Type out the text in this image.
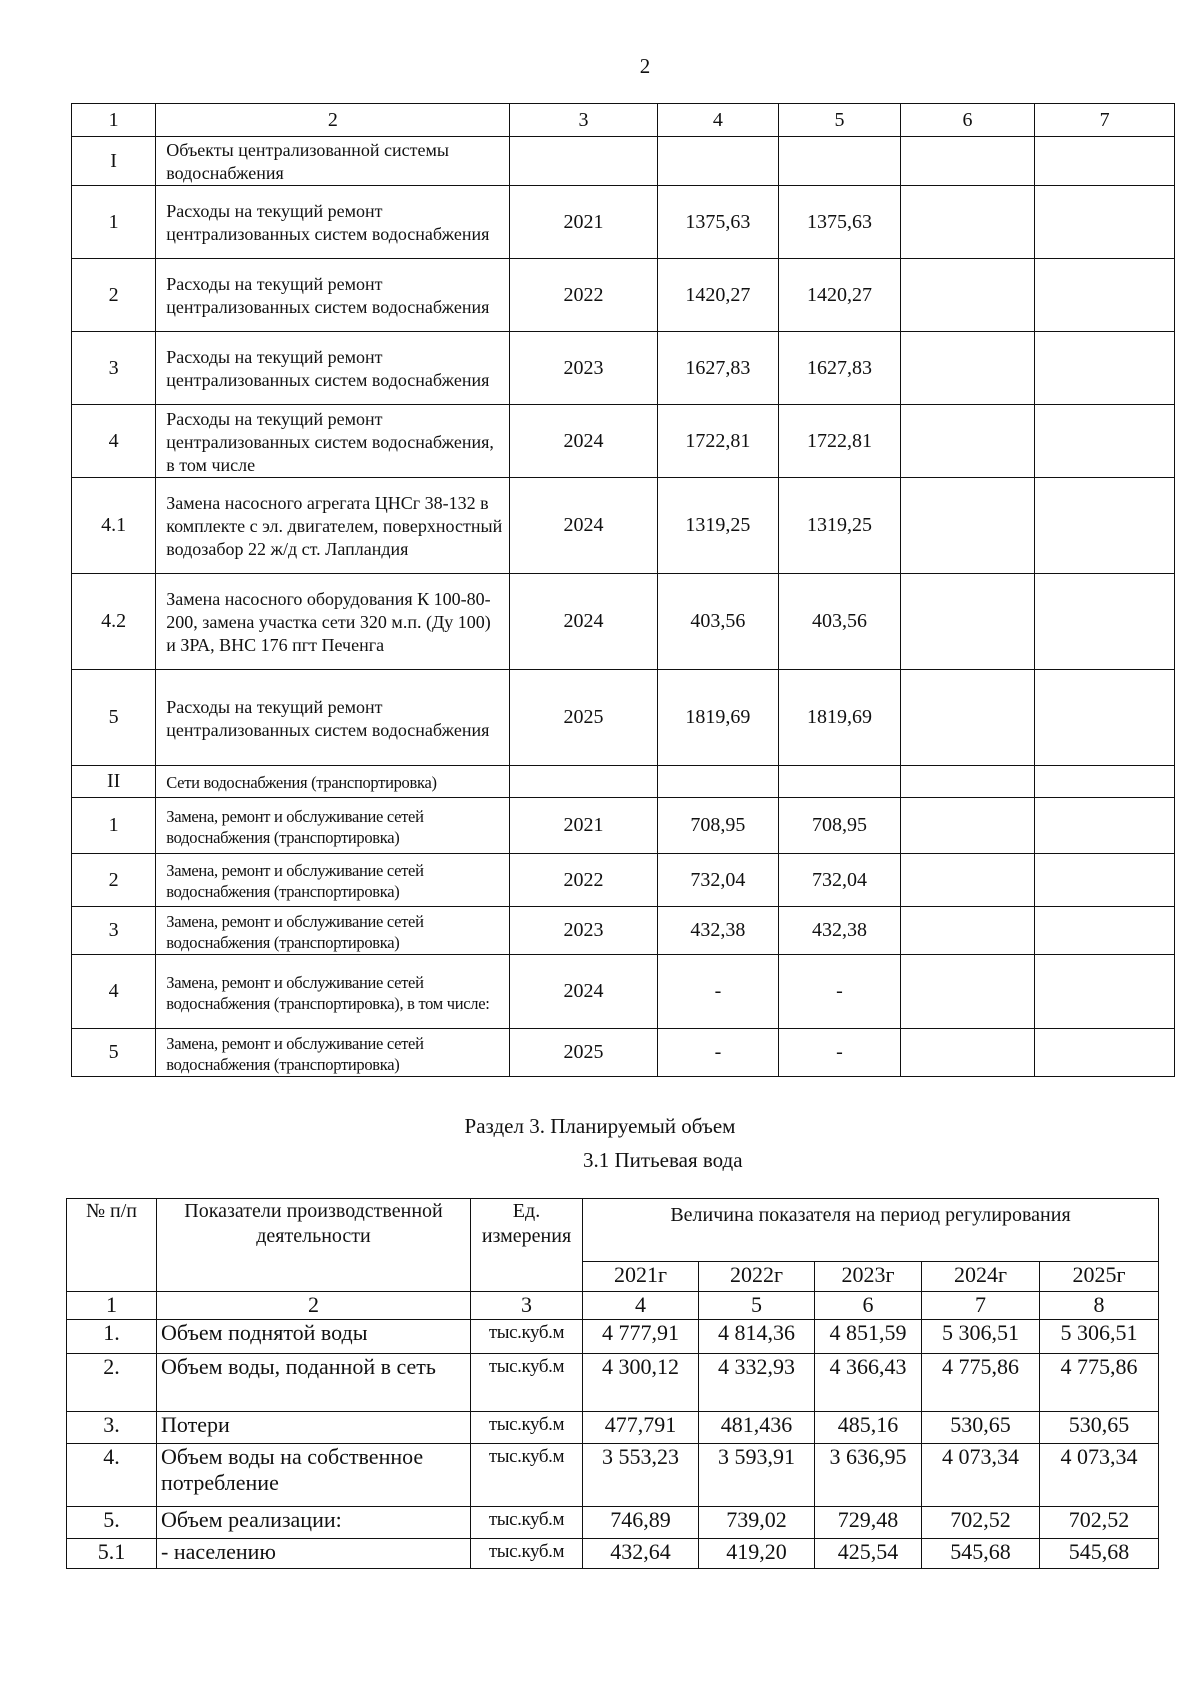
2
1	2	3	4	5	6	7
I	Объекты централизованной системы водоснабжения					
1	Расходы на текущий ремонт централизованных систем водоснабжения	2021	1375,63	1375,63		
2	Расходы на текущий ремонт централизованных систем водоснабжения	2022	1420,27	1420,27		
3	Расходы на текущий ремонт централизованных систем водоснабжения	2023	1627,83	1627,83		
4	Расходы на текущий ремонт централизованных систем водоснабжения, в том числе	2024	1722,81	1722,81		
4.1	Замена насосного агрегата ЦНСг 38-132 в комплекте с эл. двигателем, поверхностный водозабор 22 ж/д ст. Лапландия	2024	1319,25	1319,25		
4.2	Замена насосного оборудования К 100-80-200, замена участка сети 320 м.п. (Ду 100) и ЗРА, ВНС 176 пгт Печенга	2024	403,56	403,56		
5	Расходы на текущий ремонт централизованных систем водоснабжения	2025	1819,69	1819,69		
II	Сети водоснабжения (транспортировка)					
1	Замена, ремонт и обслуживание сетей водоснабжения (транспортировка)	2021	708,95	708,95		
2	Замена, ремонт и обслуживание сетей водоснабжения (транспортировка)	2022	732,04	732,04		
3	Замена, ремонт и обслуживание сетей водоснабжения (транспортировка)	2023	432,38	432,38		
4	Замена, ремонт и обслуживание сетей водоснабжения (транспортировка), в том числе:	2024	-	-		
5	Замена, ремонт и обслуживание сетей водоснабжения (транспортировка)	2025	-	-		
Раздел 3. Планируемый объем
3.1 Питьевая вода
№ п/п	Показатели производственной деятельности	Ед. измерения	Величина показателя на период регулирования				
			2021г	2022г	2023г	2024г	2025г
1	2	3	4	5	6	7	8
1.	Объем поднятой воды	тыс.куб.м	4 777,91	4 814,36	4 851,59	5 306,51	5 306,51
2.	Объем воды, поданной в сеть	тыс.куб.м	4 300,12	4 332,93	4 366,43	4 775,86	4 775,86
3.	Потери	тыс.куб.м	477,791	481,436	485,16	530,65	530,65
4.	Объем воды на собственное потребление	тыс.куб.м	3 553,23	3 593,91	3 636,95	4 073,34	4 073,34
5.	Объем реализации:	тыс.куб.м	746,89	739,02	729,48	702,52	702,52
5.1	- населению	тыс.куб.м	432,64	419,20	425,54	545,68	545,68
